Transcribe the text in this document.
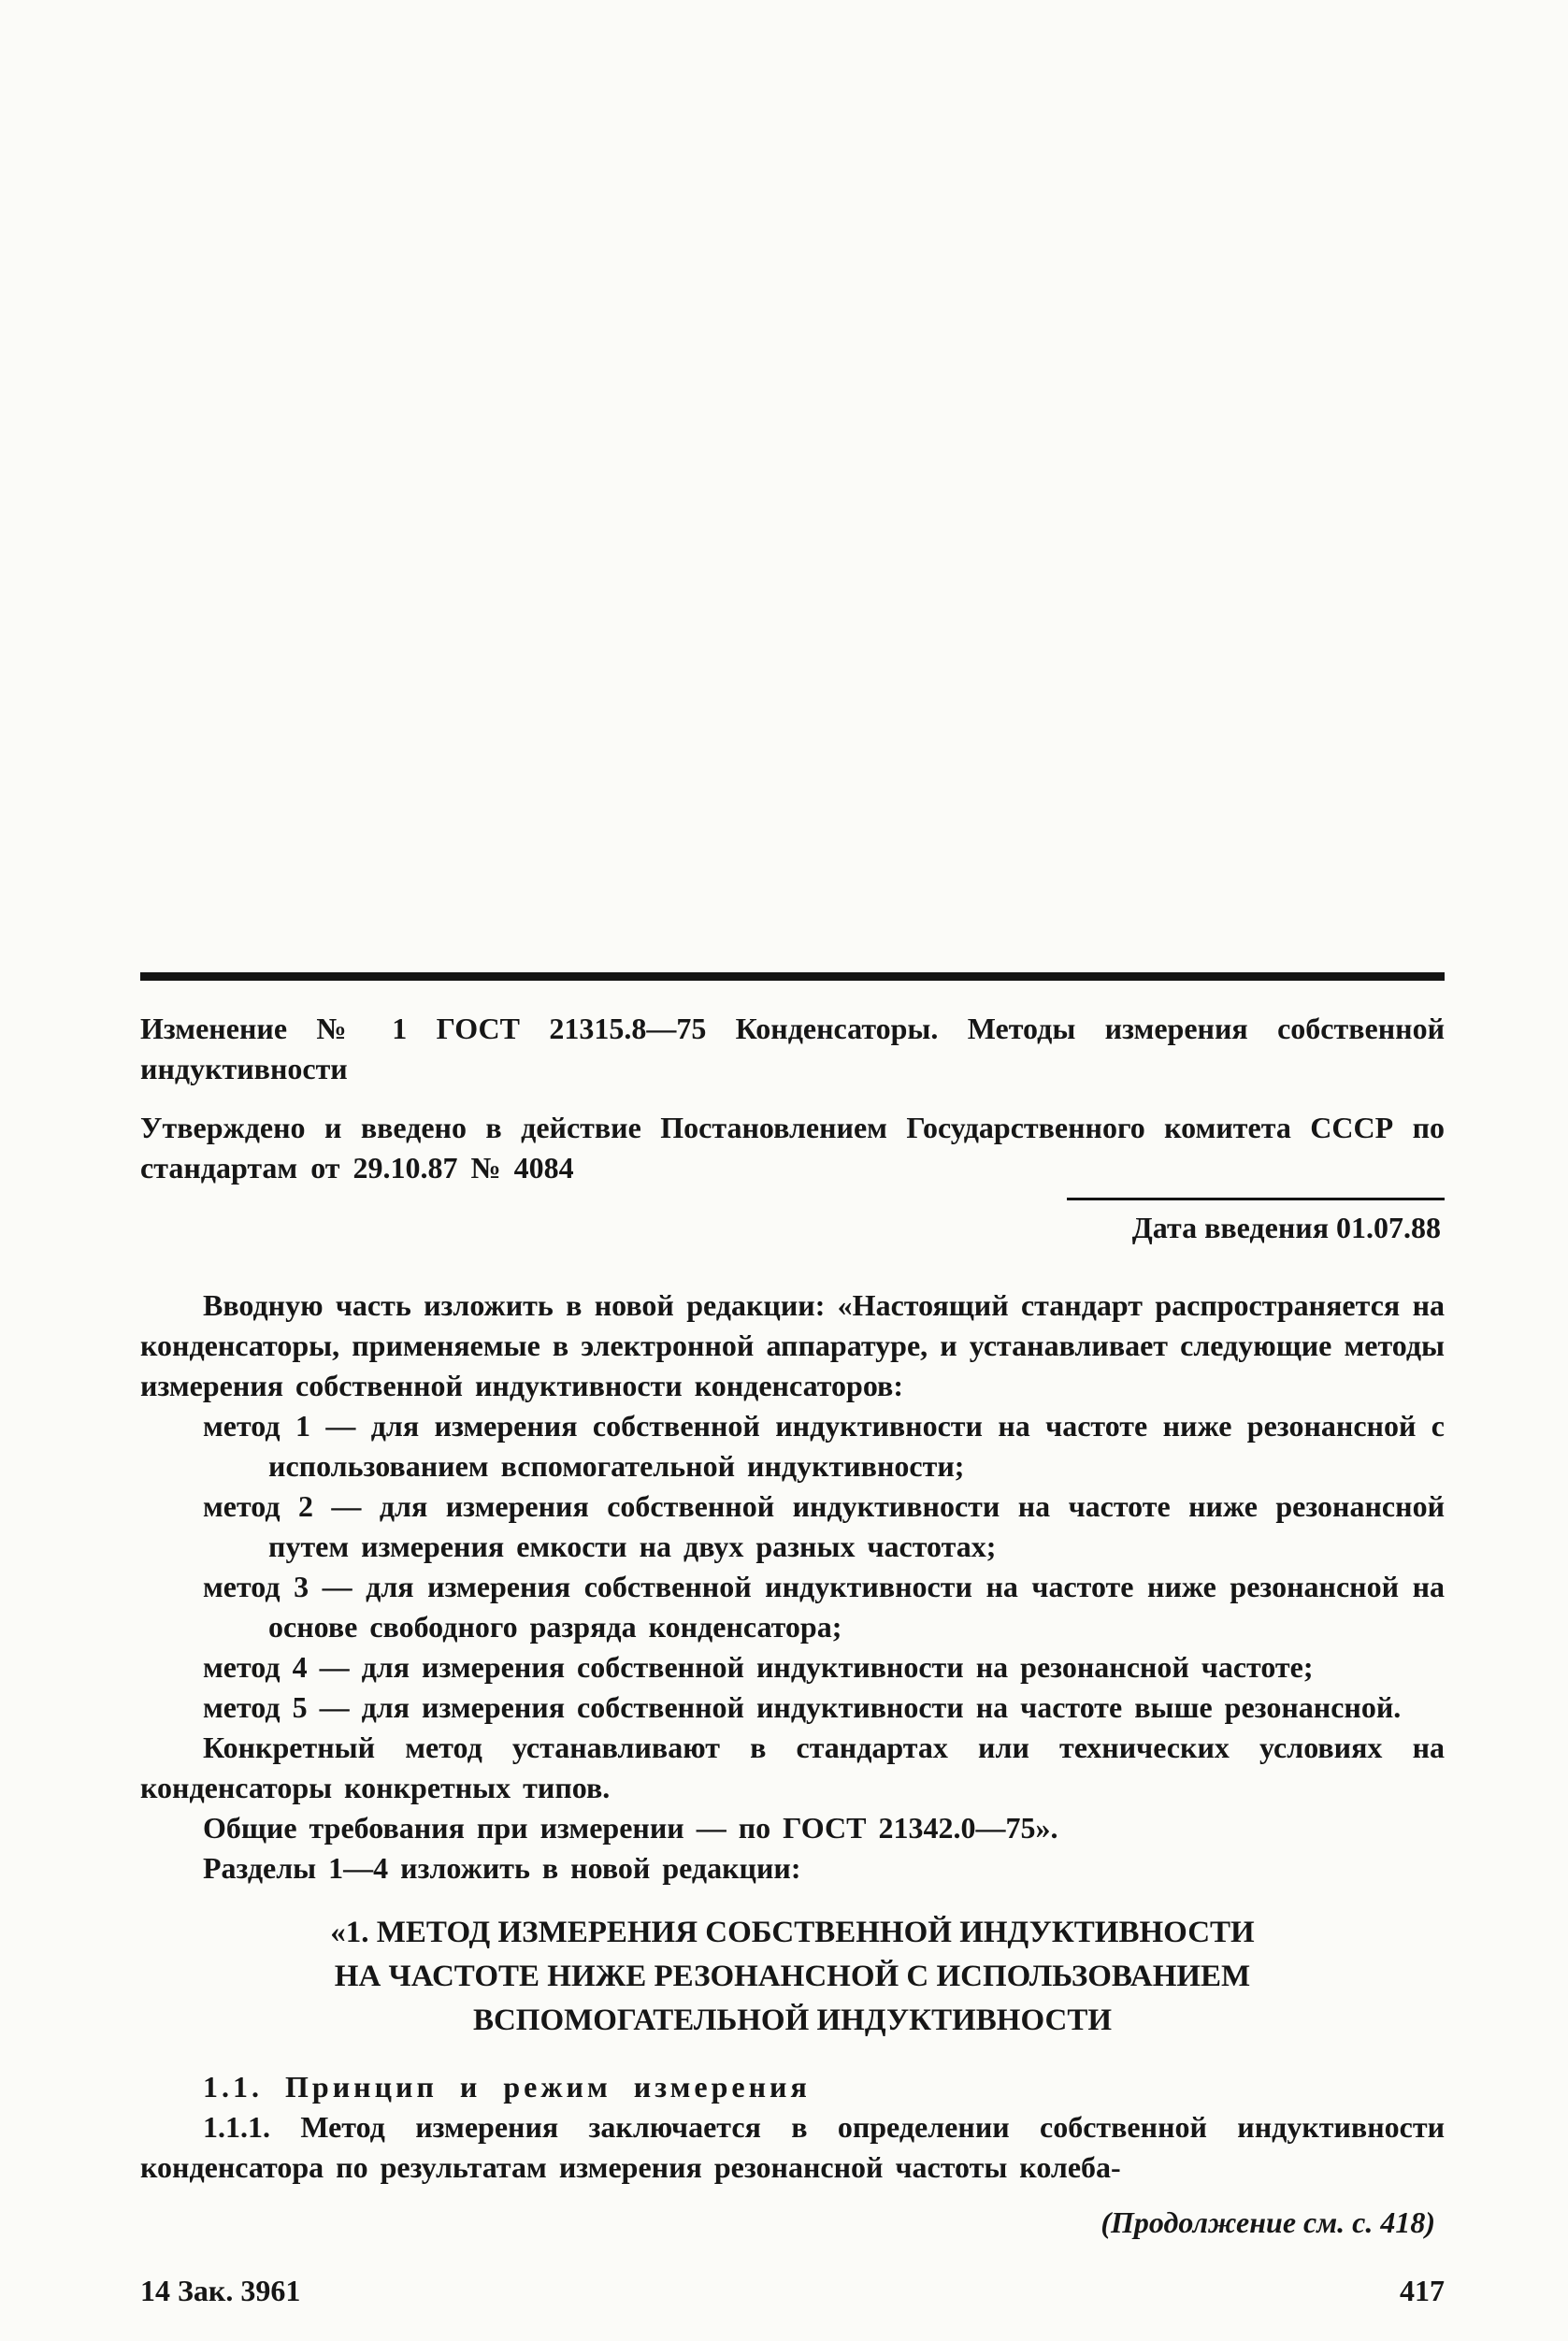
Изменение № 1 ГОСТ 21315.8—75 Конденсаторы. Методы измерения собственной индуктивности

Утверждено и введено в действие Постановлением Государственного комитета СССР по стандартам от 29.10.87 № 4084

Дата введения 01.07.88

Вводную часть изложить в новой редакции: «Настоящий стандарт распространяется на конденсаторы, применяемые в электронной аппаратуре, и устанавливает следующие методы измерения собственной индуктивности конденсаторов:

метод 1 — для измерения собственной индуктивности на частоте ниже резонансной с использованием вспомогательной индуктивности;

метод 2 — для измерения собственной индуктивности на частоте ниже резонансной путем измерения емкости на двух разных частотах;

метод 3 — для измерения собственной индуктивности на частоте ниже резонансной на основе свободного разряда конденсатора;

метод 4 — для измерения собственной индуктивности на резонансной частоте;

метод 5 — для измерения собственной индуктивности на частоте выше резонансной.

Конкретный метод устанавливают в стандартах или технических условиях на конденсаторы конкретных типов.

Общие требования при измерении — по ГОСТ 21342.0—75».

Разделы 1—4 изложить в новой редакции:

«1. МЕТОД ИЗМЕРЕНИЯ СОБСТВЕННОЙ ИНДУКТИВНОСТИ
НА ЧАСТОТЕ НИЖЕ РЕЗОНАНСНОЙ С ИСПОЛЬЗОВАНИЕМ
ВСПОМОГАТЕЛЬНОЙ ИНДУКТИВНОСТИ

1.1. Принцип и режим измерения

1.1.1. Метод измерения заключается в определении собственной индуктивности конденсатора по результатам измерения резонансной частоты колеба-

(Продолжение см. с. 418)

14 Зак. 3961	417
